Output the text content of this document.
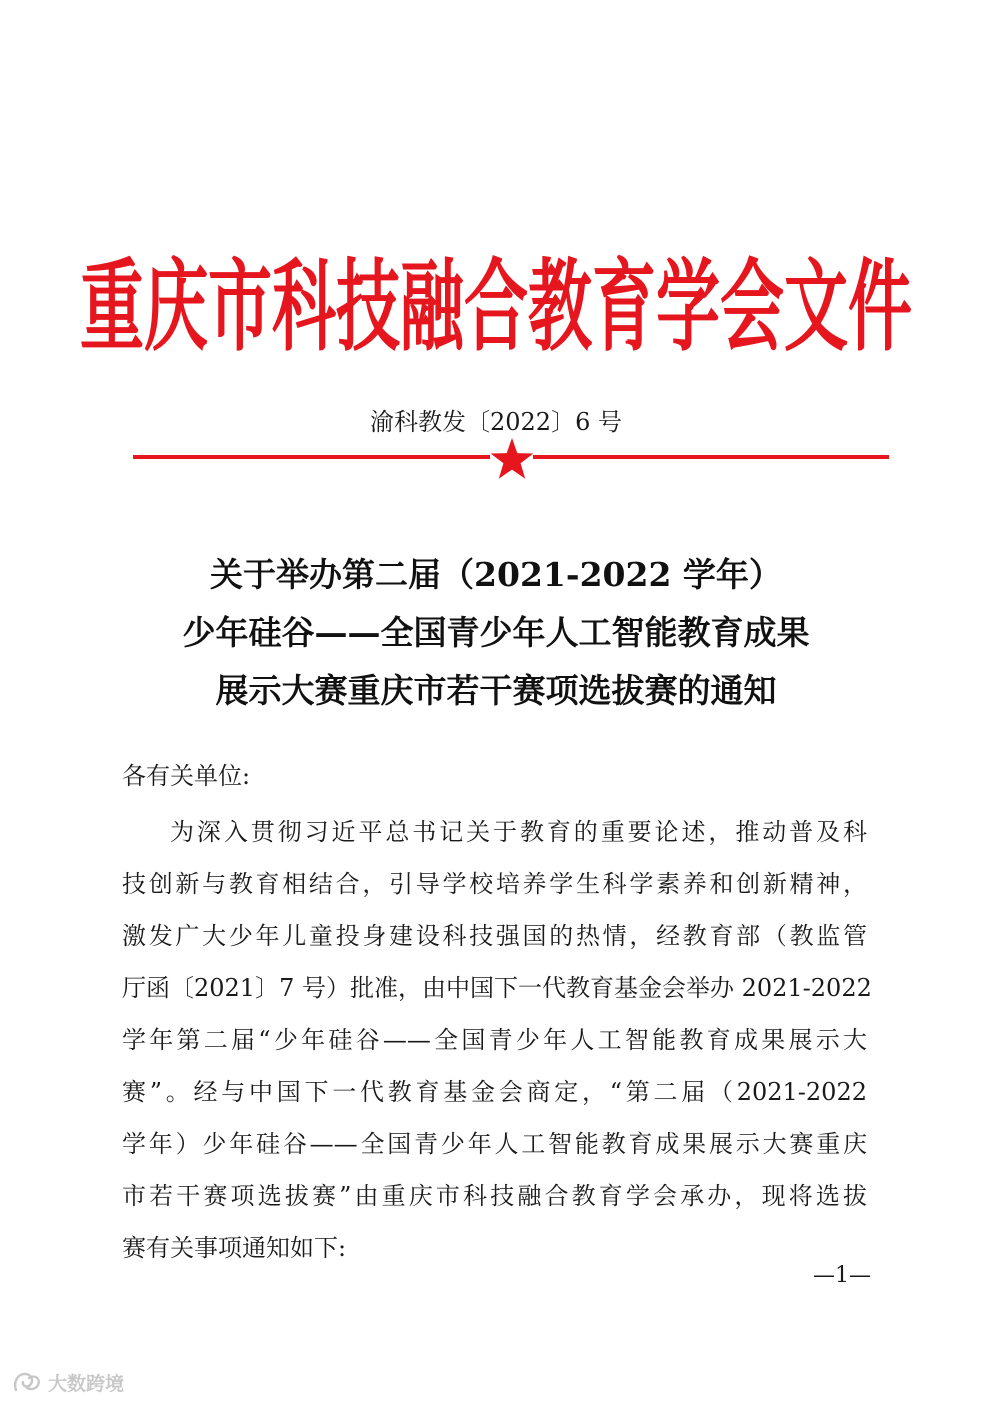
重庆市科技融合教育学会文件
渝科教发〔2022〕6 号
关于举办第二届（2021-2022 学年）
少年硅谷——全国青少年人工智能教育成果
展示大赛重庆市若干赛项选拔赛的通知
各有关单位:
为深入贯彻习近平总书记关于教育的重要论述，推动普及科
技创新与教育相结合，引导学校培养学生科学素养和创新精神，
激发广大少年儿童投身建设科技强国的热情，经教育部（教监管
厅函〔2021〕7 号）批准，由中国下一代教育基金会举办 2021-2022
学年第二届“少年硅谷——全国青少年人工智能教育成果展示大
赛”。经与中国下一代教育基金会商定，“第二届（2021-2022
学年）少年硅谷——全国青少年人工智能教育成果展示大赛重庆
市若干赛项选拔赛”由重庆市科技融合教育学会承办，现将选拔
赛有关事项通知如下:
—1—
大数跨境
